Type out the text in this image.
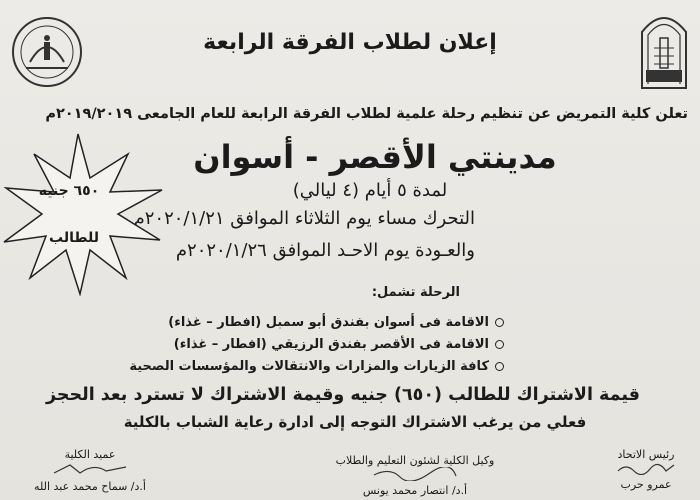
إعلان لطلاب الفرقة الرابعة
تعلن كلية التمريض عن تنظيم رحلة علمية لطلاب الفرقة الرابعة للعام الجامعى ٢٠١٩/٢٠١٩م
مدينتي الأقصر - أسوان
لمدة ٥ أيام (٤ ليالي)
التحرك مساء يوم الثلاثاء الموافق ٢٠٢٠/١/٢١م
والعـودة يوم الاحـد الموافق ٢٠٢٠/١/٢٦م
الرحلة تشمل:
الاقامة فى أسوان بفندق أبو سمبل (افطار – غذاء)
الاقامة فى الأقصر بفندق الرزيقي (افطار – غذاء)
كافة الزيارات والمزارات والانتقالات والمؤسسات الصحية
قيمة الاشتراك للطالب (٦٥٠) جنيه وقيمة الاشتراك لا تسترد بعد الحجز
فعلي من يرغب الاشتراك التوجه إلى ادارة رعاية الشباب بالكلية
٦٥٠ جنيه
للطالب
رئيس الاتحاد
عمرو حرب
وكيل الكلية لشئون التعليم والطلاب
أ.د/ انتصار محمد يونس
عميد الكلية
أ.د/ سماح محمد عبد الله
